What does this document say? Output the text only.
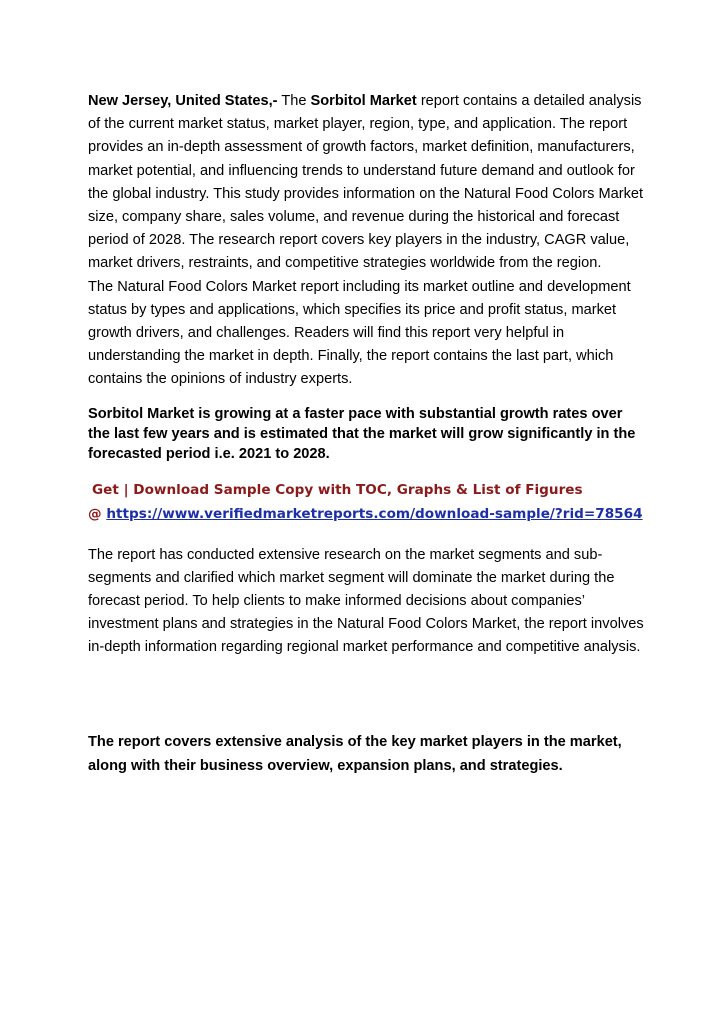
New Jersey, United States,- The Sorbitol Market report contains a detailed analysis of the current market status, market player, region, type, and application. The report provides an in-depth assessment of growth factors, market definition, manufacturers, market potential, and influencing trends to understand future demand and outlook for the global industry. This study provides information on the Natural Food Colors Market size, company share, sales volume, and revenue during the historical and forecast period of 2028. The research report covers key players in the industry, CAGR value, market drivers, restraints, and competitive strategies worldwide from the region.

The Natural Food Colors Market report including its market outline and development status by types and applications, which specifies its price and profit status, market growth drivers, and challenges. Readers will find this report very helpful in understanding the market in depth. Finally, the report contains the last part, which contains the opinions of industry experts.

Sorbitol Market is growing at a faster pace with substantial growth rates over the last few years and is estimated that the market will grow significantly in the forecasted period i.e. 2021 to 2028.

Get | Download Sample Copy with TOC, Graphs & List of Figures
@ https://www.verifiedmarketreports.com/download-sample/?rid=78564

The report has conducted extensive research on the market segments and sub-segments and clarified which market segment will dominate the market during the forecast period. To help clients to make informed decisions about companies’ investment plans and strategies in the Natural Food Colors Market, the report involves in-depth information regarding regional market performance and competitive analysis.

The report covers extensive analysis of the key market players in the market, along with their business overview, expansion plans, and strategies.
